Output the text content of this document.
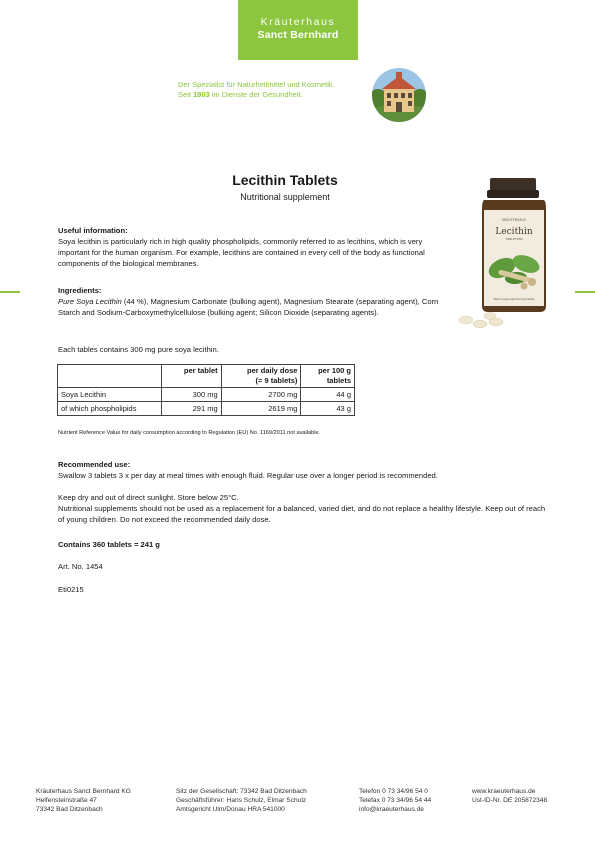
Kräuterhaus
Sanct Bernhard
Der Spezialist für Naturheilmittel und Kosmetik.
Seit 1903 im Dienste der Gesundheit.
Lecithin Tablets
Nutritional supplement
KRÄUTERHAUS
Lecithin
TABLETTEN
Nahrungsergänzungsmittel

Useful information:

Soya lecithin is particularly rich in high quality phospholipids, commonly referred to as lecithins, which is very important for the human organism. For example, lecithins are contained in every cell of the body as functional components of the biological membranes.

Ingredients:

Pure Soya Lecithin (44 %), Magnesium Carbonate (bulking agent), Magnesium Stearate (separating agent), Corn Starch and Sodium-Carboxymethylcellulose (bulking agent; Silicon Dioxide (separating agents).

Each tables contains 300 mg pure soya lecithin.
	per tablet	per daily dose
(= 9 tablets)	per 100 g
tablets
Soya Lecithin	300 mg	2700 mg	44 g
of which phospholipids	291 mg	2619 mg	43 g
Nutrient Reference Value for daily consumption according to Regulation (EU) No. 1169/2011 not available.

Recommended use:

Swallow 3 tablets 3 x per day at meal times with enough fluid. Regular use over a longer period is recommended.

Keep dry and out of direct sunlight. Store below 25°C.
Nutritional supplements should not be used as a replacement for a balanced, varied diet, and do not replace a healthy lifestyle. Keep out of reach of young children. Do not exceed the recommended daily dose.
Contains 360 tablets = 241 g
Art. No. 1454
Eti0215

Kräuterhaus Sanct Bernhard KG

Helfensteinstraße 47

73342 Bad Ditzenbach

Sitz der Gesellschaft: 73342 Bad Ditzenbach

Geschäftsführer: Hans Schulz, Elmar Schulz

Amtsgericht Ulm/Donau HRA 541000

Telefon 0 73 34/96 54 0

Telefax 0 73 34/96 54 44

info@kraeuterhaus.de

www.kraeuterhaus.de

Ust-ID-Nr. DE 205872348
